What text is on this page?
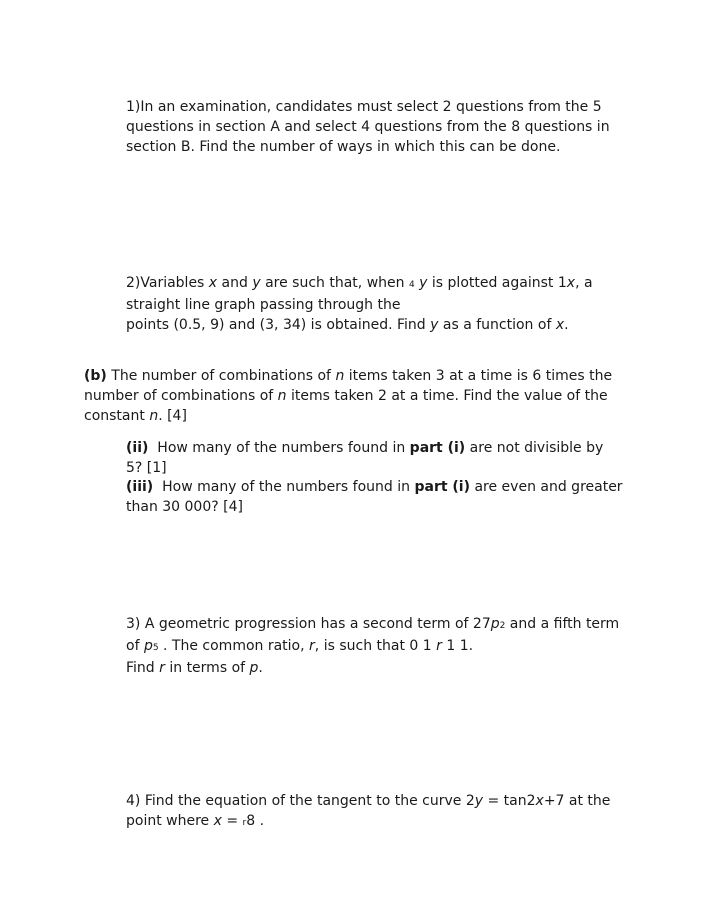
1)In an examination, candidates must select 2 questions from the 5
questions in section A and select 4 questions from the 8 questions in
section B. Find the number of ways in which this can be done.
2)Variables x and y are such that, when 4 y is plotted against 1x, a
straight line graph passing through the
points (0.5, 9) and (3, 34) is obtained. Find y as a function of x.
(b) The number of combinations of n items taken 3 at a time is 6 times the
number of combinations of n items taken 2 at a time. Find the value of the
constant n. [4]
(ii)  How many of the numbers found in part (i) are not divisible by
5? [1]
(iii)  How many of the numbers found in part (i) are even and greater
than 30 000? [4]
3) A geometric progression has a second term of 27p2 and a fifth term
of p5 . The common ratio, r, is such that 0 1 r 1 1.
Find r in terms of p.
4) Find the equation of the tangent to the curve 2y = tan2x+7 at the
point where x = r8 .
